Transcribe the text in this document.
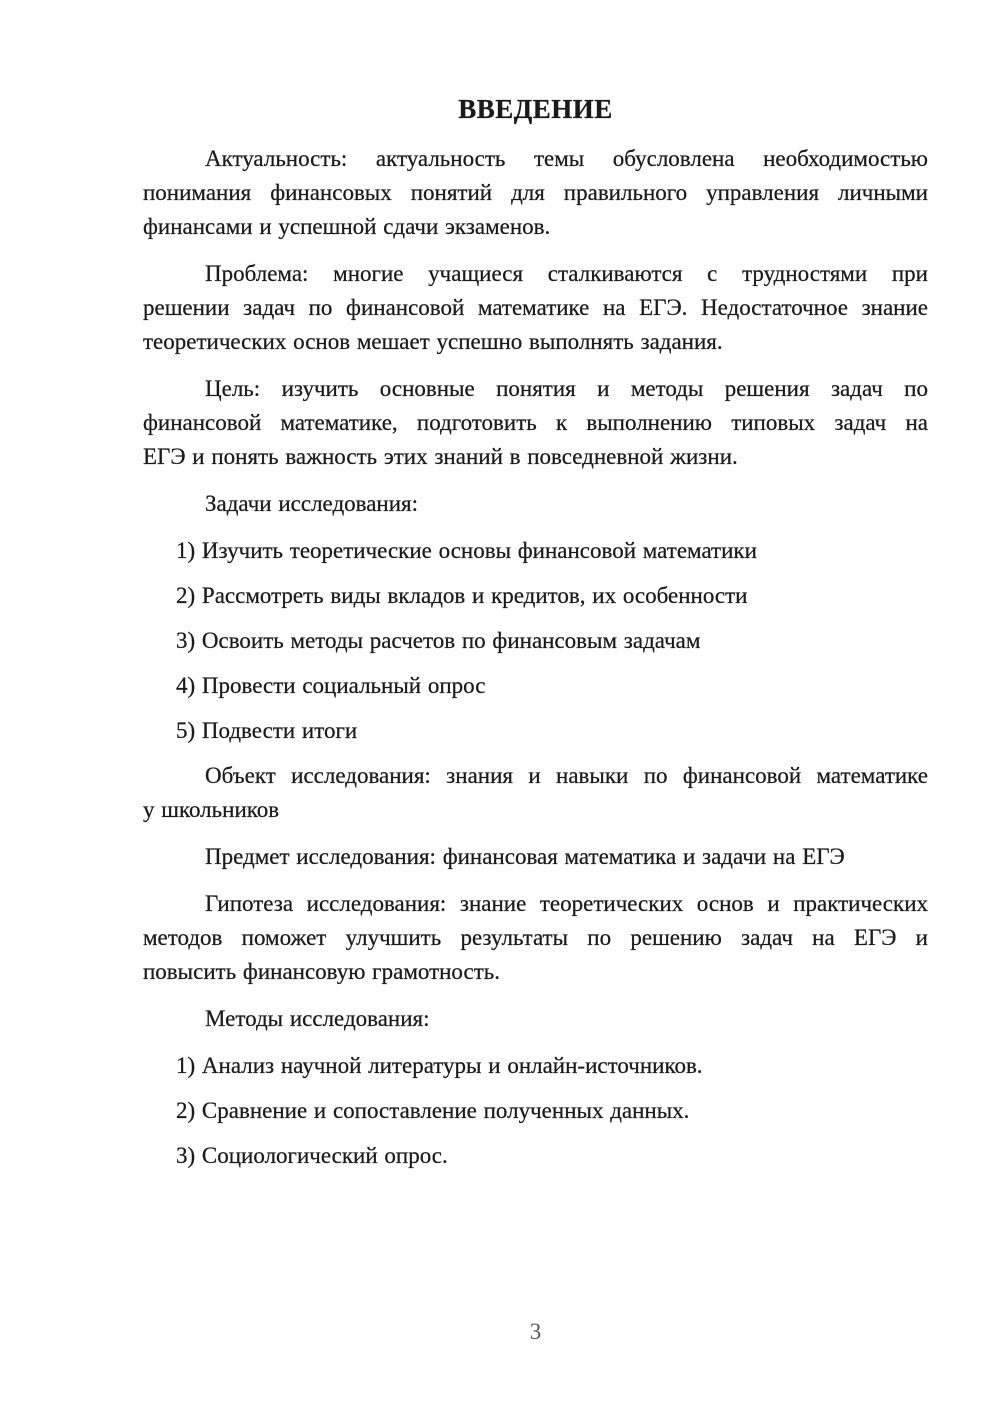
ВВЕДЕНИЕ

Актуальность: актуальность темы обусловлена необходимостью
понимания финансовых понятий для правильного управления личными
финансами и успешной сдачи экзаменов.

Проблема: многие учащиеся сталкиваются с трудностями при
решении задач по финансовой математике на ЕГЭ. Недостаточное знание
теоретических основ мешает успешно выполнять задания.

Цель: изучить основные понятия и методы решения задач по
финансовой математике, подготовить к выполнению типовых задач на
ЕГЭ и понять важность этих знаний в повседневной жизни.

Задачи исследования:

1) Изучить теоретические основы финансовой математики

2) Рассмотреть виды вкладов и кредитов, их особенности

3) Освоить методы расчетов по финансовым задачам

4) Провести социальный опрос

5) Подвести итоги

Объект исследования: знания и навыки по финансовой математике
у школьников

Предмет исследования: финансовая математика и задачи на ЕГЭ

Гипотеза исследования: знание теоретических основ и практических
методов поможет улучшить результаты по решению задач на ЕГЭ и
повысить финансовую грамотность.

Методы исследования:

1) Анализ научной литературы и онлайн-источников.

2) Сравнение и сопоставление полученных данных.

3) Социологический опрос.

3
